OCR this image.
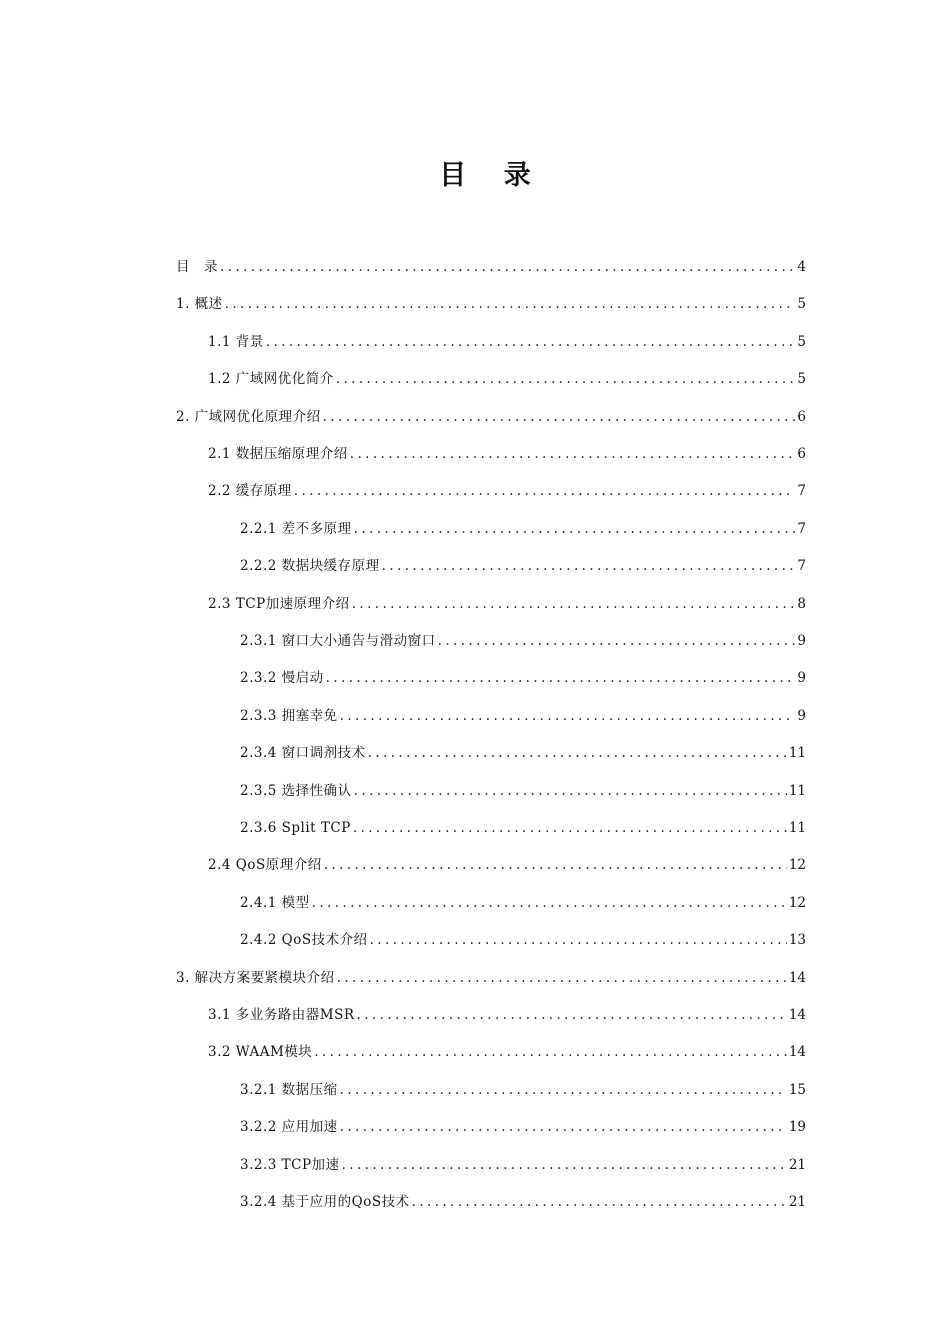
目 录
目　录 .....	4
1. 概述 .....	5
1.1 背景 .....	5
1.2 广域网优化简介 .....	5
2. 广域网优化原理介绍 .....	6
2.1 数据压缩原理介绍 .....	6
2.2 缓存原理 .....	7
2.2.1 差不多原理 .....	7
2.2.2 数据块缓存原理 .....	7
2.3 TCP加速原理介绍 .....	8
2.3.1 窗口大小通告与滑动窗口 .....	9
2.3.2 慢启动 .....	9
2.3.3 拥塞幸免 .....	9
2.3.4 窗口调剂技术 .....	11
2.3.5 选择性确认 .....	11
2.3.6 Split TCP .....	11
2.4 QoS原理介绍 .....	12
2.4.1 模型 .....	12
2.4.2 QoS技术介绍 .....	13
3. 解决方案要紧模块介绍 .....	14
3.1 多业务路由器MSR .....	14
3.2 WAAM模块 .....	14
3.2.1 数据压缩 .....	15
3.2.2 应用加速 .....	19
3.2.3 TCP加速 .....	21
3.2.4 基于应用的QoS技术 .....	21
